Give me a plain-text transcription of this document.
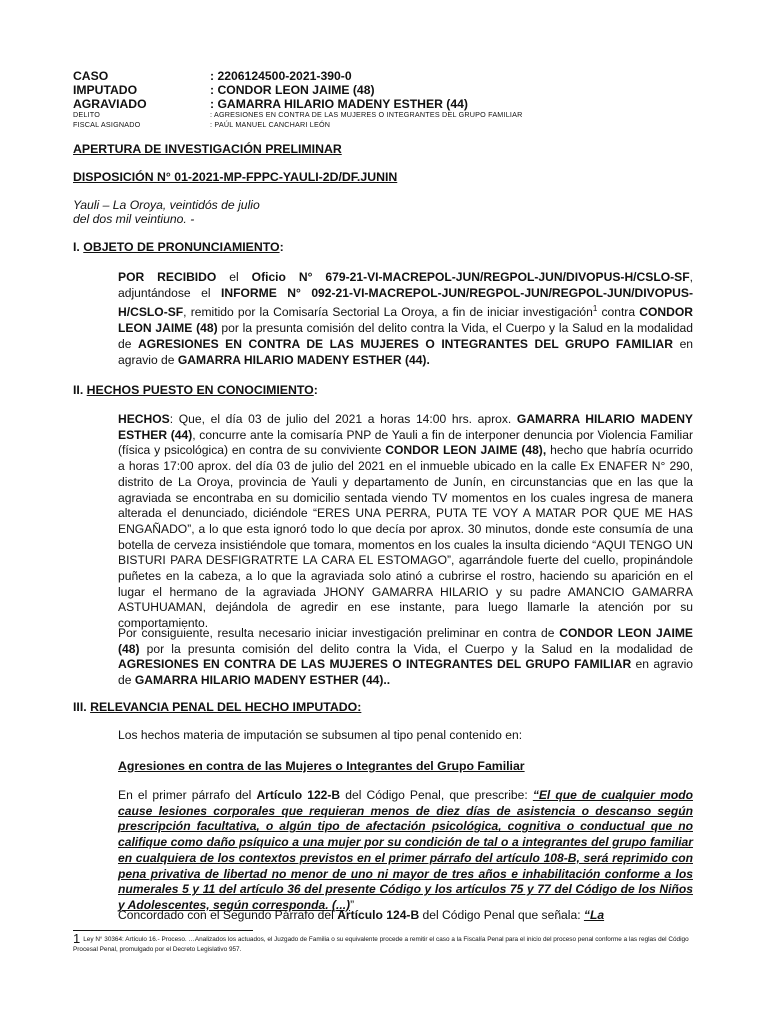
CASO	: 2206124500-2021-390-0
IMPUTADO	: CONDOR LEON JAIME (48)
AGRAVIADO	: GAMARRA HILARIO MADENY ESTHER (44)
DELITO	: AGRESIONES EN CONTRA DE LAS MUJERES O INTEGRANTES DEL GRUPO FAMILIAR
FISCAL ASIGNADO	: PAÚL MANUEL CANCHARI LEÓN
APERTURA DE INVESTIGACIÓN PRELIMINAR
DISPOSICIÓN N° 01-2021-MP-FPPC-YAULI-2D/DF.JUNIN
Yauli – La Oroya, veintidós de julio
del dos mil veintiuno. -
I. OBJETO DE PRONUNCIAMIENTO:
POR RECIBIDO el Oficio N° 679-21-VI-MACREPOL-JUN/REGPOL-JUN/DIVOPUS-H/CSLO-SF, adjuntándose el INFORME N° 092-21-VI-MACREPOL-JUN/REGPOL-JUN/REGPOL-JUN/DIVOPUS-H/CSLO-SF, remitido por la Comisaría Sectorial La Oroya, a fin de iniciar investigación$^1$ contra CONDOR LEON JAIME (48) por la presunta comisión del delito contra la Vida, el Cuerpo y la Salud en la modalidad de AGRESIONES EN CONTRA DE LAS MUJERES O INTEGRANTES DEL GRUPO FAMILIAR en agravio de GAMARRA HILARIO MADENY ESTHER (44).
II. HECHOS PUESTO EN CONOCIMIENTO:
HECHOS: Que, el día 03 de julio del 2021 a horas 14:00 hrs. aprox. GAMARRA HILARIO MADENY ESTHER (44), concurre ante la comisaría PNP de Yauli a fin de interponer denuncia por Violencia Familiar (física y psicológica) en contra de su conviviente CONDOR LEON JAIME (48), hecho que habría ocurrido a horas 17:00 aprox. del día 03 de julio del 2021 en el inmueble ubicado en la calle Ex ENAFER N° 290, distrito de La Oroya, provincia de Yauli y departamento de Junín, en circunstancias que en las que la agraviada se encontraba en su domicilio sentada viendo TV momentos en los cuales ingresa de manera alterada el denunciado, diciéndole “ERES UNA PERRA, PUTA TE VOY A MATAR POR QUE ME HAS ENGAÑADO”, a lo que esta ignoró todo lo que decía por aprox. 30 minutos, donde este consumía de una botella de cerveza insistiéndole que tomara, momentos en los cuales la insulta diciendo “AQUI TENGO UN BISTURI PARA DESFIGRATRTE LA CARA EL ESTOMAGO”, agarrándole fuerte del cuello, propinándole puñetes en la cabeza, a lo que la agraviada solo atinó a cubrirse el rostro, haciendo su aparición en el lugar el hermano de la agraviada JHONY GAMARRA HILARIO y su padre AMANCIO GAMARRA ASTUHUAMAN, dejándola de agredir en ese instante, para luego llamarle la atención por su comportamiento.
Por consiguiente, resulta necesario iniciar investigación preliminar en contra de CONDOR LEON JAIME (48) por la presunta comisión del delito contra la Vida, el Cuerpo y la Salud en la modalidad de AGRESIONES EN CONTRA DE LAS MUJERES O INTEGRANTES DEL GRUPO FAMILIAR en agravio de GAMARRA HILARIO MADENY ESTHER (44)..
III. RELEVANCIA PENAL DEL HECHO IMPUTADO:
Los hechos materia de imputación se subsumen al tipo penal contenido en:
Agresiones en contra de las Mujeres o Integrantes del Grupo Familiar
En el primer párrafo del Artículo 122-B del Código Penal, que prescribe: “El que de cualquier modo cause lesiones corporales que requieran menos de diez días de asistencia o descanso según prescripción facultativa, o algún tipo de afectación psicológica, cognitiva o conductual que no califique como daño psíquico a una mujer por su condición de tal o a integrantes del grupo familiar en cualquiera de los contextos previstos en el primer párrafo del artículo 108-B, será reprimido con pena privativa de libertad no menor de uno ni mayor de tres años e inhabilitación conforme a los numerales 5 y 11 del artículo 36 del presente Código y los artículos 75 y 77 del Código de los Niños y Adolescentes, según corresponda. (...)”
Concordado con el Segundo Párrafo del Artículo 124-B del Código Penal que señala: “La
1 Ley N° 30364: Artículo 16.- Proceso. …Analizados los actuados, el Juzgado de Familia o su equivalente procede a remitir el caso a la Fiscalía Penal para el inicio del proceso penal conforme a las reglas del Código Procesal Penal, promulgado por el Decreto Legislativo 957.
